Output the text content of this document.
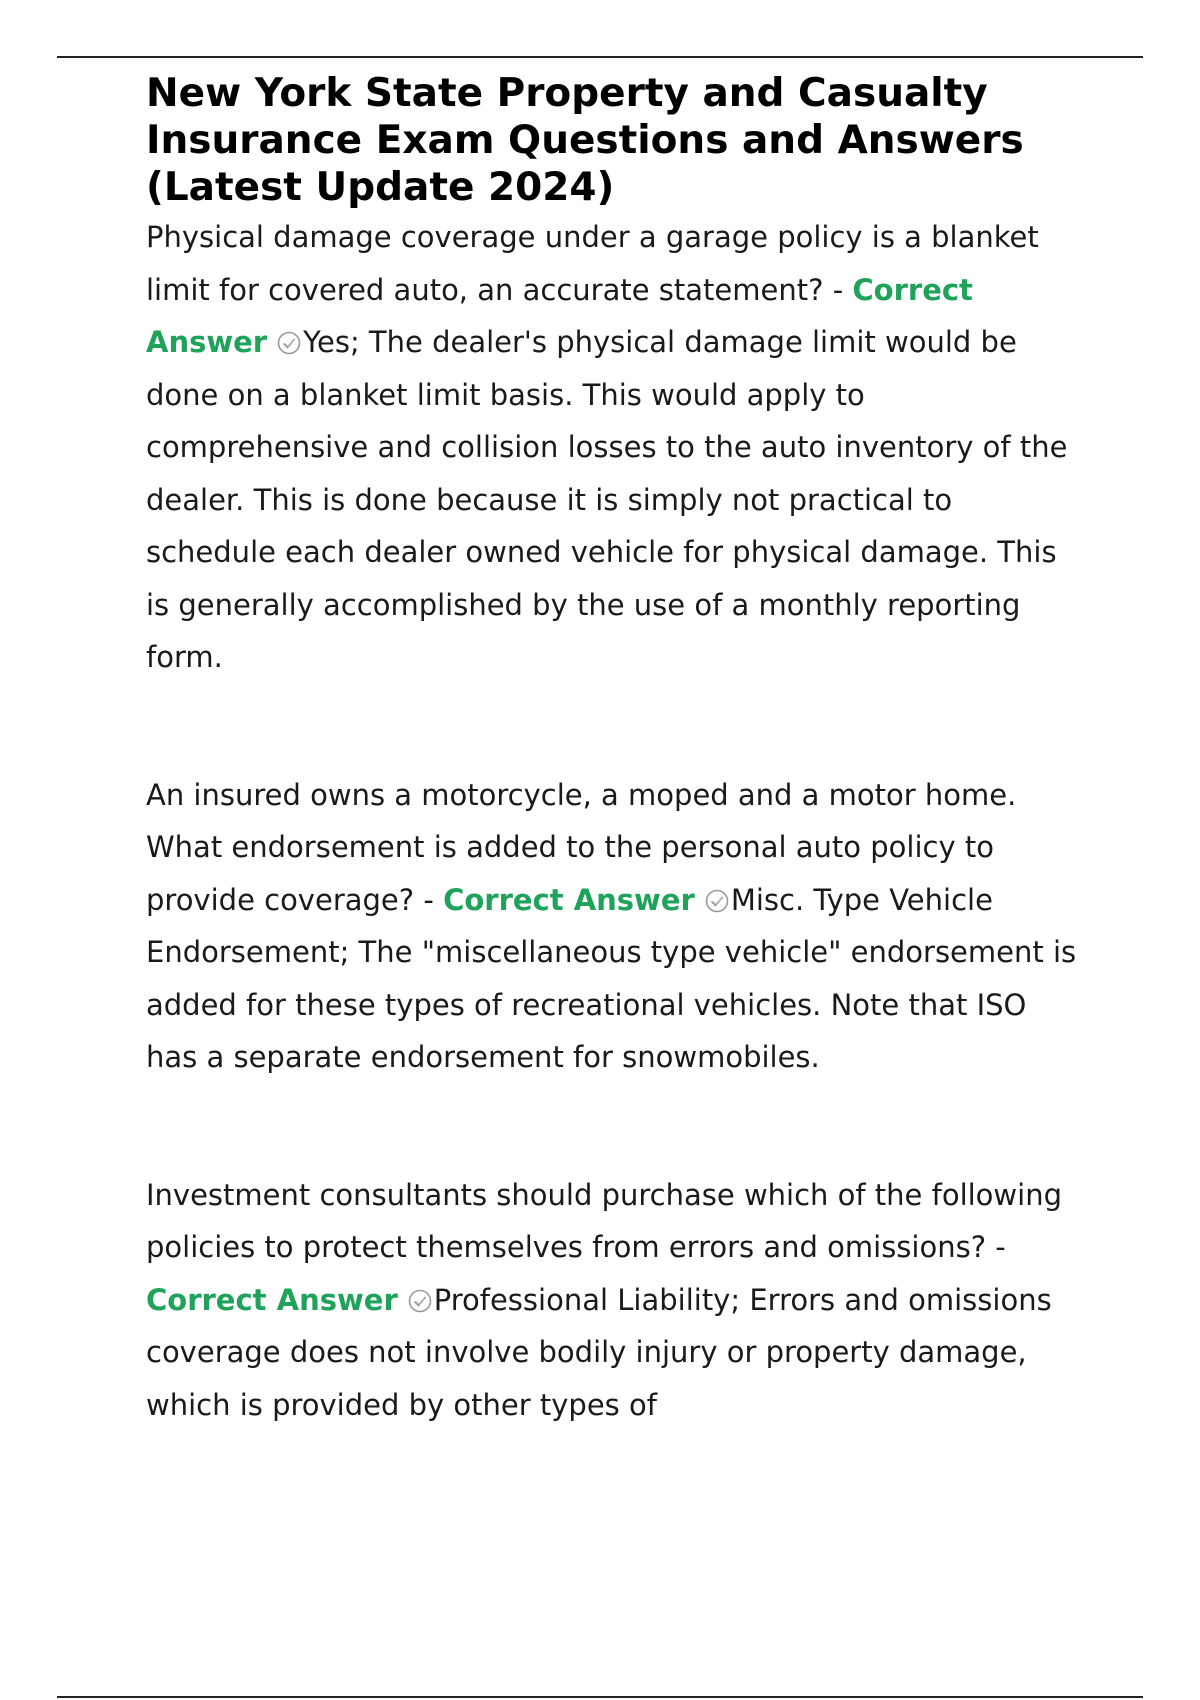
New York State Property and Casualty Insurance Exam Questions and Answers (Latest Update 2024)

Physical damage coverage under a garage policy is a blanket limit for covered auto, an accurate statement? - Correct Answer Yes; The dealer's physical damage limit would be done on a blanket limit basis. This would apply to comprehensive and collision losses to the auto inventory of the dealer. This is done because it is simply not practical to schedule each dealer owned vehicle for physical damage. This is generally accomplished by the use of a monthly reporting form.

An insured owns a motorcycle, a moped and a motor home. What endorsement is added to the personal auto policy to provide coverage? - Correct Answer Misc. Type Vehicle Endorsement; The "miscellaneous type vehicle" endorsement is added for these types of recreational vehicles. Note that ISO has a separate endorsement for snowmobiles.

Investment consultants should purchase which of the following policies to protect themselves from errors and omissions? - Correct Answer Professional Liability; Errors and omissions coverage does not involve bodily injury or property damage, which is provided by other types of
